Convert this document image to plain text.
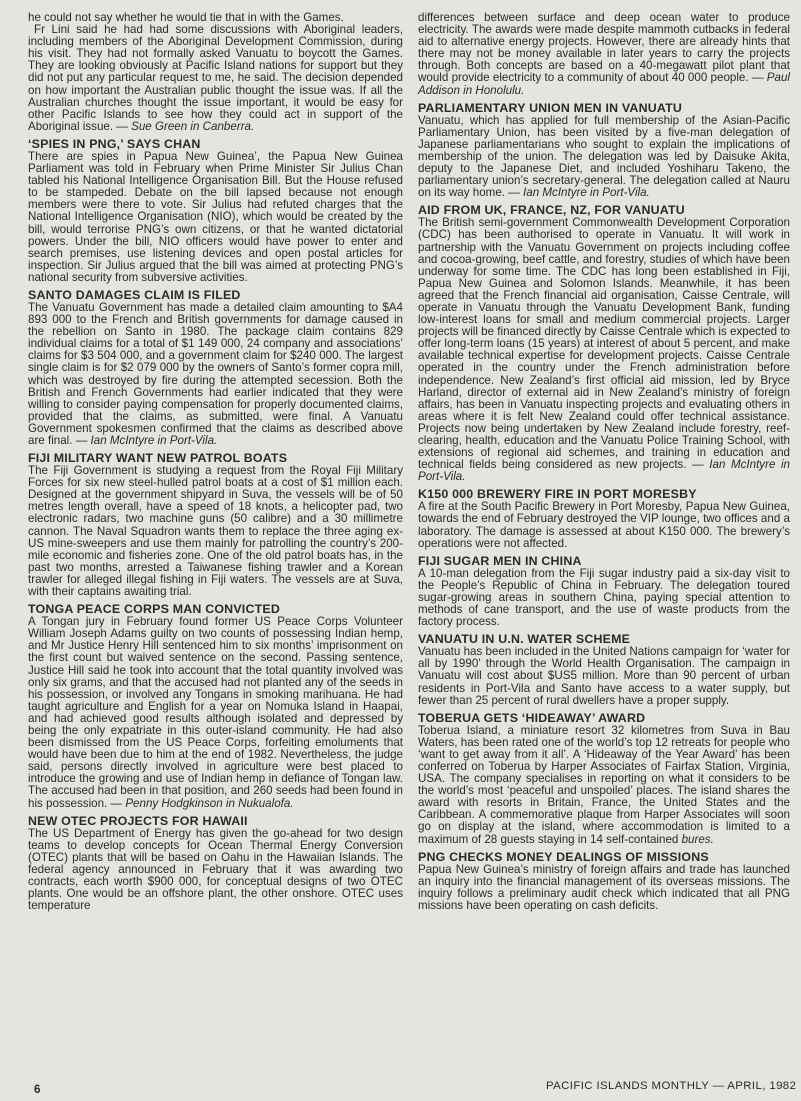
he could not say whether he would tie that in with the Games.

Fr Lini said he had had some discussions with Aboriginal leaders, including members of the Aboriginal Development Commission, during his visit. They had not formally asked Vanuatu to boycott the Games. They are looking obviously at Pacific Island nations for support but they did not put any particular request to me, he said. The decision depended on how important the Australian public thought the issue was. If all the Australian churches thought the issue important, it would be easy for other Pacific Islands to see how they could act in support of the Aboriginal issue. — Sue Green in Canberra.

‘SPIES IN PNG,’ SAYS CHAN

There are spies in Papua New Guinea’, the Papua New Guinea Parliament was told in February when Prime Minister Sir Julius Chan tabled his National Intelligence Organisation Bill. But the House refused to be stampeded. Debate on the bill lapsed because not enough members were there to vote. Sir Julius had refuted charges that the National Intelligence Organisation (NIO), which would be created by the bill, would terrorise PNG’s own citizens, or that he wanted dictatorial powers. Under the bill, NIO officers would have power to enter and search premises, use listening devices and open postal articles for inspection. Sir Julius argued that the bill was aimed at protecting PNG’s national security from subversive activities.

SANTO DAMAGES CLAIM IS FILED

The Vanuatu Government has made a detailed claim amounting to $A4 893 000 to the French and British governments for damage caused in the rebellion on Santo in 1980. The package claim contains 829 individual claims for a total of $1 149 000, 24 company and associations’ claims for $3 504 000, and a government claim for $240 000. The largest single claim is for $2 079 000 by the owners of Santo’s former copra mill, which was destroyed by fire during the attempted secession. Both the British and French Governments had earlier indicated that they were willing to consider paying compensation for properly documented claims, provided that the claims, as submitted, were final. A Vanuatu Government spokesmen confirmed that the claims as described above are final. — Ian McIntyre in Port-Vila.

FIJI MILITARY WANT NEW PATROL BOATS

The Fiji Government is studying a request from the Royal Fiji Military Forces for six new steel-hulled patrol boats at a cost of $1 million each. Designed at the government shipyard in Suva, the vessels will be of 50 metres length overall, have a speed of 18 knots, a helicopter pad, two electronic radars, two machine guns (50 calibre) and a 30 millimetre cannon. The Naval Squadron wants them to replace the three aging ex-US mine-sweepers and use them mainly for patrolling the country’s 200-mile economic and fisheries zone. One of the old patrol boats has, in the past two months, arrested a Taiwanese fishing trawler and a Korean trawler for alleged illegal fishing in Fiji waters. The vessels are at Suva, with their captains awaiting trial.

TONGA PEACE CORPS MAN CONVICTED

A Tongan jury in February found former US Peace Corps Volunteer William Joseph Adams guilty on two counts of possessing Indian hemp, and Mr Justice Henry Hill sentenced him to six months’ imprisonment on the first count but waived sentence on the second. Passing sentence, Justice Hill said he took into account that the total quantity involved was only six grams, and that the accused had not planted any of the seeds in his possession, or involved any Tongans in smoking marihuana. He had taught agriculture and English for a year on Nomuka Island in Haapai, and had achieved good results although isolated and depressed by being the only expatriate in this outer-island community. He had also been dismissed from the US Peace Corps, forfeiting emoluments that would have been due to him at the end of 1982. Nevertheless, the judge said, persons directly involved in agriculture were best placed to introduce the growing and use of Indian hemp in defiance of Tongan law. The accused had been in that position, and 260 seeds had been found in his possession. — Penny Hodgkinson in Nukualofa.

NEW OTEC PROJECTS FOR HAWAII

The US Department of Energy has given the go-ahead for two design teams to develop concepts for Ocean Thermal Energy Conversion (OTEC) plants that will be based on Oahu in the Hawaiian Islands. The federal agency announced in February that it was awarding two contracts, each worth $900 000, for conceptual designs of two OTEC plants. One would be an offshore plant, the other onshore. OTEC uses temperature

differences between surface and deep ocean water to produce electricity. The awards were made despite mammoth cutbacks in federal aid to alternative energy projects. However, there are already hints that there may not be money available in later years to carry the projects through. Both concepts are based on a 40-megawatt pilot plant that would provide electricity to a community of about 40 000 people. — Paul Addison in Honolulu.

PARLIAMENTARY UNION MEN IN VANUATU

Vanuatu, which has applied for full membership of the Asian-Pacific Parliamentary Union, has been visited by a five-man delegation of Japanese parliamentarians who sought to explain the implications of membership of the union. The delegation was led by Daisuke Akita, deputy to the Japanese Diet, and included Yoshiharu Takeno, the parliamentary union’s secretary-general. The delegation called at Nauru on its way home. — Ian McIntyre in Port-Vila.

AID FROM UK, FRANCE, NZ, FOR VANUATU

The British semi-government Commonwealth Development Corporation (CDC) has been authorised to operate in Vanuatu. It will work in partnership with the Vanuatu Government on projects including coffee and cocoa-growing, beef cattle, and forestry, studies of which have been underway for some time. The CDC has long been established in Fiji, Papua New Guinea and Solomon Islands. Meanwhile, it has been agreed that the French financial aid organisation, Caisse Centrale, will operate in Vanuatu through the Vanuatu Development Bank, funding low-interest loans for small and medium commercial projects. Larger projects will be financed directly by Caisse Centrale which is expected to offer long-term loans (15 years) at interest of about 5 percent, and make available technical expertise for development projects. Caisse Centrale operated in the country under the French administration before independence. New Zealand’s first official aid mission, led by Bryce Harland, director of external aid in New Zealand’s ministry of foreign affairs, has been in Vanuatu inspecting projects and evaluating others in areas where it is felt New Zealand could offer technical assistance. Projects now being undertaken by New Zealand include forestry, reef-clearing, health, education and the Vanuatu Police Training School, with extensions of regional aid schemes, and training in education and technical fields being considered as new projects. — Ian McIntyre in Port-Vila.

K150 000 BREWERY FIRE IN PORT MORESBY

A fire at the South Pacific Brewery in Port Moresby, Papua New Guinea, towards the end of February destroyed the VIP lounge, two offices and a laboratory. The damage is assessed at about K150 000. The brewery’s operations were not affected.

FIJI SUGAR MEN IN CHINA

A 10-man delegation from the Fiji sugar industry paid a six-day visit to the People’s Republic of China in February. The delegation toured sugar-growing areas in southern China, paying special attention to methods of cane transport, and the use of waste products from the factory process.

VANUATU IN U.N. WATER SCHEME

Vanuatu has been included in the United Nations campaign for ‘water for all by 1990’ through the World Health Organisation. The campaign in Vanuatu will cost about $US5 million. More than 90 percent of urban residents in Port-Vila and Santo have access to a water supply, but fewer than 25 percent of rural dwellers have a proper supply.

TOBERUA GETS ‘HIDEAWAY’ AWARD

Toberua Island, a miniature resort 32 kilometres from Suva in Bau Waters, has been rated one of the world’s top 12 retreats for people who ‘want to get away from it all’. A ‘Hideaway of the Year Award’ has been conferred on Toberua by Harper Associates of Fairfax Station, Virginia, USA. The company specialises in reporting on what it considers to be the world’s most ‘peaceful and unspoiled’ places. The island shares the award with resorts in Britain, France, the United States and the Caribbean. A commemorative plaque from Harper Associates will soon go on display at the island, where accommodation is limited to a maximum of 28 guests staying in 14 self-contained bures.

PNG CHECKS MONEY DEALINGS OF MISSIONS

Papua New Guinea’s ministry of foreign affairs and trade has launched an inquiry into the financial management of its overseas missions. The inquiry follows a preliminary audit check which indicated that all PNG missions have been operating on cash deficits.

6	PACIFIC ISLANDS MONTHLY — APRIL, 1982
